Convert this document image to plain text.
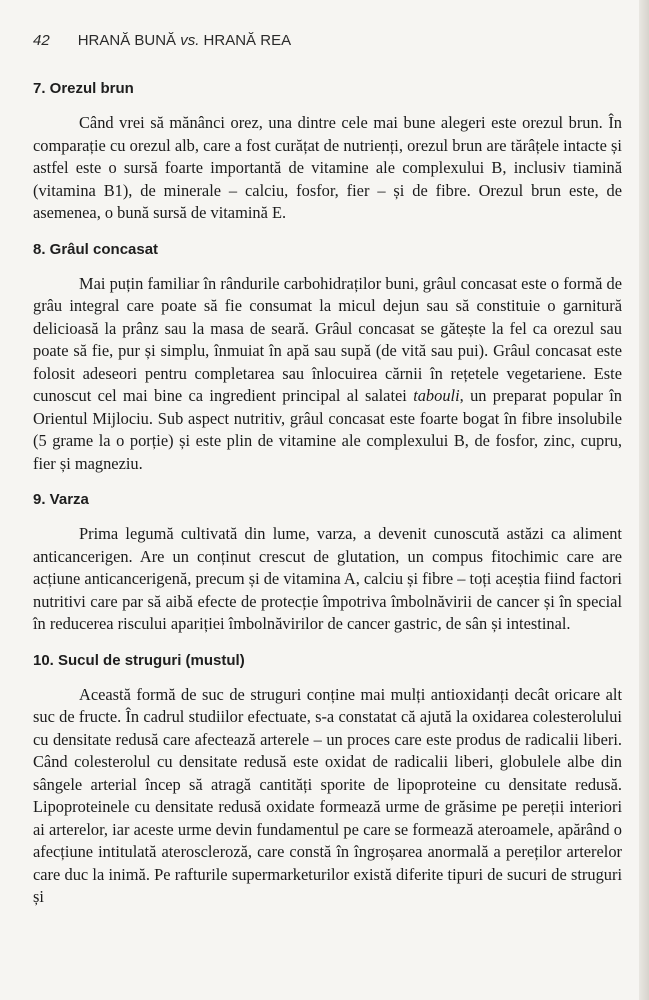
42 HRANĂ BUNĂ vs. HRANĂ REA
7. Orezul brun

Când vrei să mănânci orez, una dintre cele mai bune alegeri este orezul brun. În comparație cu orezul alb, care a fost curățat de nutrienți, orezul brun are tărâțele intacte și astfel este o sursă foarte importantă de vitamine ale complexului B, inclusiv tiamină (vitamina B1), de minerale – calciu, fosfor, fier – și de fibre. Orezul brun este, de asemenea, o bună sursă de vitamină E.

8. Grâul concasat

Mai puțin familiar în rândurile carbohidraților buni, grâul concasat este o formă de grâu integral care poate să fie consumat la micul dejun sau să constituie o garnitură delicioasă la prânz sau la masa de seară. Grâul concasat se gătește la fel ca orezul sau poate să fie, pur și simplu, înmuiat în apă sau supă (de vită sau pui). Grâul concasat este folosit adeseori pentru completarea sau înlocuirea cărnii în rețetele vegetariene. Este cunoscut cel mai bine ca ingredient principal al salatei tabouli, un preparat popular în Orientul Mijlociu. Sub aspect nutritiv, grâul concasat este foarte bogat în fibre insolubile (5 grame la o porție) și este plin de vitamine ale complexului B, de fosfor, zinc, cupru, fier și magneziu.

9. Varza

Prima legumă cultivată din lume, varza, a devenit cunoscută astăzi ca aliment anticancerigen. Are un conținut crescut de glutation, un compus fitochimic care are acțiune anticancerigenă, precum și de vitamina A, calciu și fibre – toți aceștia fiind factori nutritivi care par să aibă efecte de protecție împotriva îmbolnăvirii de cancer și în special în reducerea riscului apariției îmbolnăvirilor de cancer gastric, de sân și intestinal.

10. Sucul de struguri (mustul)

Această formă de suc de struguri conține mai mulți antioxidanți decât oricare alt suc de fructe. În cadrul studiilor efectuate, s-a constatat că ajută la oxidarea colesterolului cu densitate redusă care afectează arterele – un proces care este produs de radicalii liberi. Când colesterolul cu densitate redusă este oxidat de radicalii liberi, globulele albe din sângele arterial încep să atragă cantități sporite de lipoproteine cu densitate redusă. Lipoproteinele cu densitate redusă oxidate formează urme de grăsime pe pereții interiori ai arterelor, iar aceste urme devin fundamentul pe care se formează ateroamele, apărând o afecțiune intitulată ateroscleroză, care constă în îngroșarea anormală a pereților arterelor care duc la inimă. Pe rafturile supermarketurilor există diferite tipuri de sucuri de struguri și
